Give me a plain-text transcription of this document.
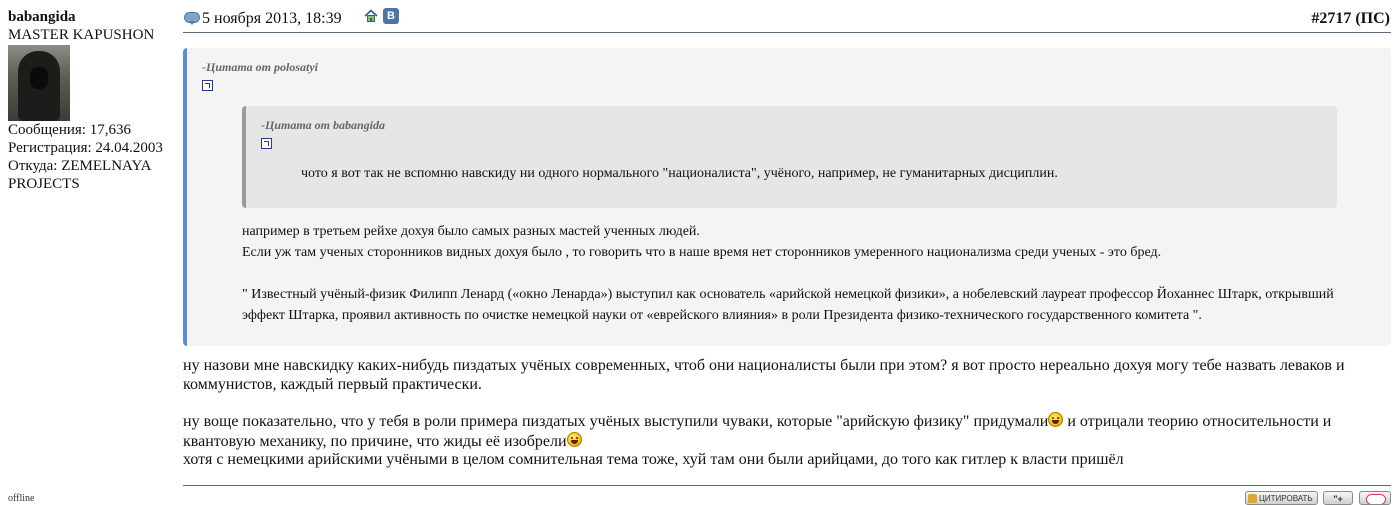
babangida
MASTER KAPUSHON
Сообщения: 17,636
Регистрация: 24.04.2003
Откуда: ZEMELNAYA PROJECTS
offline
5 ноября 2013, 18:39	В	#2717 (ПС)
-Цитата от polosatyi
-Цитата от babangida
чото я вот так не вспомню навскиду ни одного нормального "националиста", учёного, например, не гуманитарных дисциплин.

например в третьем рейхе дохуя было самых разных мастей ученных людей.

Если уж там ученых сторонников видных дохуя было , то говорить что в наше время нет сторонников умеренного национализма среди ученых - это бред.

" Известный учёный-физик Филипп Ленард («окно Ленарда») выступил как основатель «арийской немецкой физики», а нобелевский лауреат профессор Йоханнес Штарк, открывший эффект Штарка, проявил активность по очистке немецкой науки от «еврейского влияния» в роли Президента физико-технического государственного комитета ".

ну назови мне навскидку каких-нибудь пиздатых учёных современных, чтоб они националисты были при этом? я вот просто нереально дохуя могу тебе назвать леваков и коммунистов, каждый первый практически.

ну воще показательно, что у тебя в роли примера пиздатых учёных выступили чуваки, которые "арийскую физику" придумали и отрицали теорию относительности и квантовую механику, по причине, что жиды её изобрели

хотя с немецкими арийскими учёными в целом сомнительная тема тоже, хуй там они были арийцами, до того как гитлер к власти пришёл

ЦИТИРОВАТЬ	"+
